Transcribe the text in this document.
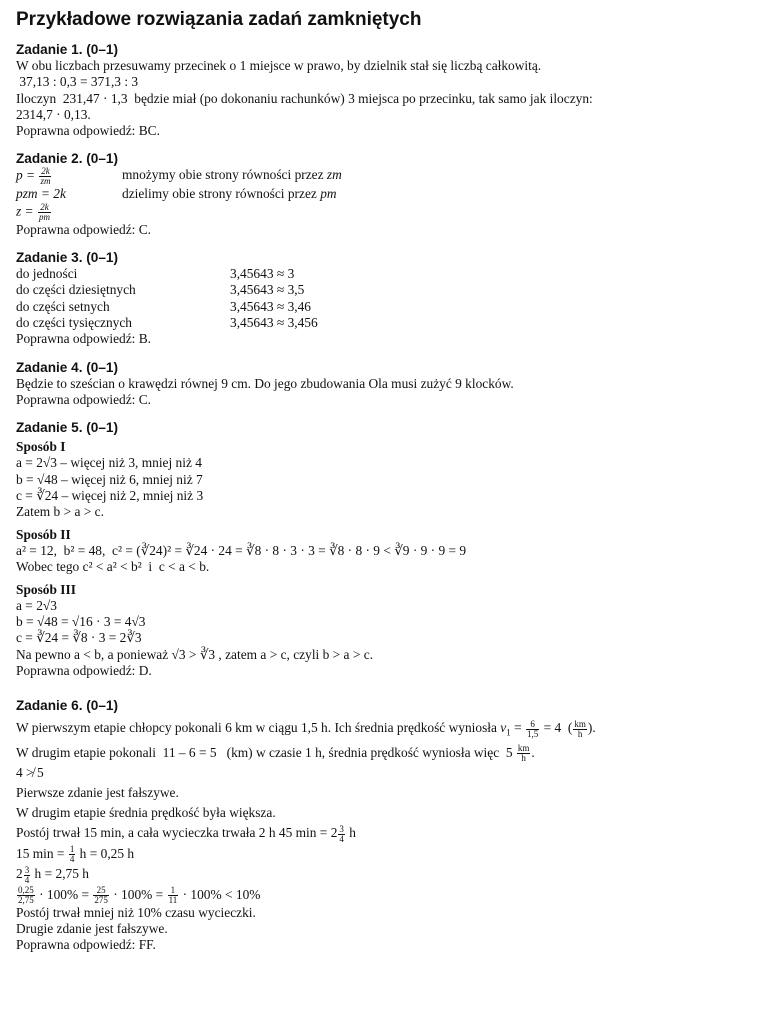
Przykładowe rozwiązania zadań zamkniętych
Zadanie 1. (0–1)
W obu liczbach przesuwamy przecinek o 1 miejsce w prawo, by dzielnik stał się liczbą całkowitą.
37,13 : 0,3 = 371,3 : 3
Iloczyn  231,47 · 1,3  będzie miał (po dokonaniu rachunków) 3 miejsca po przecinku, tak samo jak iloczyn:
2314,7 · 0,13.
Poprawna odpowiedź: BC.
Zadanie 2. (0–1)
$p = \frac{2k}{zm}$	mnożymy obie strony równości przez zm
pzm = 2k	dzielimy obie strony równości przez pm
$z = \frac{2k}{pm}$
Poprawna odpowiedź: C.
Zadanie 3. (0–1)
do jedności	3,45643 ≈ 3
do części dziesiętnych	3,45643 ≈ 3,5
do części setnych	3,45643 ≈ 3,46
do części tysięcznych	3,45643 ≈ 3,456
Poprawna odpowiedź: B.
Zadanie 4. (0–1)
Będzie to sześcian o krawędzi równej 9 cm. Do jego zbudowania Ola musi zużyć 9 klocków.
Poprawna odpowiedź: C.
Zadanie 5. (0–1)
Sposób I
a = 2√3 – więcej niż 3, mniej niż 4
b = √48 – więcej niż 6, mniej niż 7
c = ∛24 – więcej niż 2, mniej niż 3
Zatem b > a > c.
Sposób II
a² = 12,  b² = 48,  c² = (∛24)² = ∛24 · 24 = ∛8 · 8 · 3 · 3 = ∛8 · 8 · 9 < ∛9 · 9 · 9 = 9
Wobec tego c² < a² < b²  i  c < a < b.
Sposób III
a = 2√3
b = √48 = √16 · 3 = 4√3
c = ∛24 = ∛8 · 3 = 2∛3
Na pewno a < b, a ponieważ √3 > ∛3 , zatem a > c, czyli b > a > c.
Poprawna odpowiedź: D.
Zadanie 6. (0–1)
W pierwszym etapie chłopcy pokonali 6 km w ciągu 1,5 h. Ich średnia prędkość wyniosła $v_1 = \frac{6}{1,5} = 4$  ( $\frac{km}{h}$ ).
W drugim etapie pokonali  11 – 6 = 5   (km) w czasie 1 h, średnia prędkość wyniosła więc  $5 \frac{km}{h}$ .
4 ≯ 5
Pierwsze zdanie jest fałszywe.
W drugim etapie średnia prędkość była większa.
Postój trwał 15 min, a cała wycieczka trwała 2 h 45 $\min = 2 \frac{3}{4}$ h
15 $\min = \frac{1}{4}$ h = 0,25 h
$2 \frac{3}{4}$ h = 2,75 h
$\frac{0,25}{2,75} \cdot 100\% = \frac{25}{275} \cdot 100\% = \frac{1}{11} \cdot 100\% < 10\%$
Postój trwał mniej niż 10% czasu wycieczki.
Drugie zdanie jest fałszywe.
Poprawna odpowiedź: FF.
